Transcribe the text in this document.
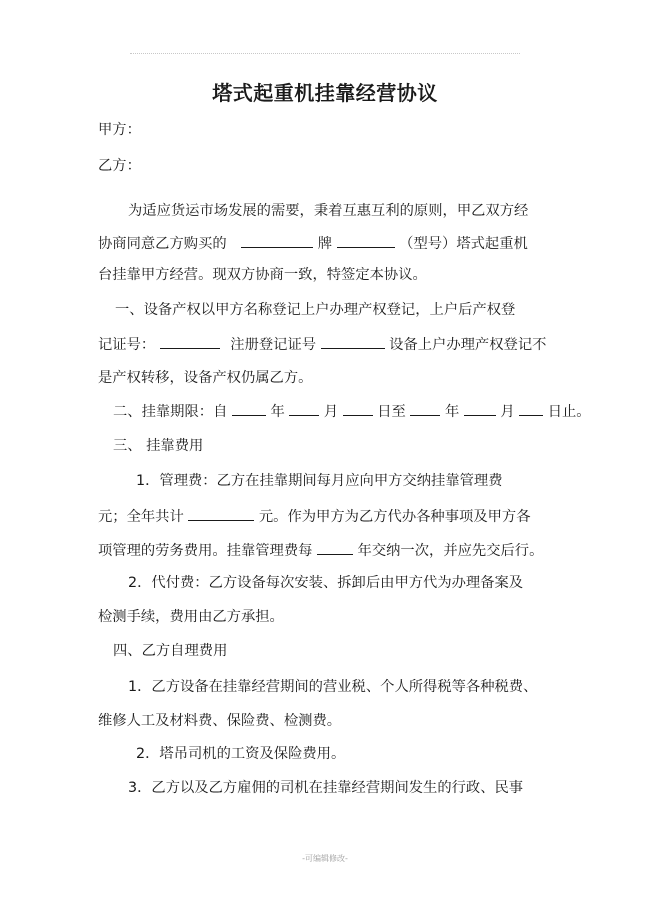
塔式起重机挂靠经营协议
甲方：
乙方：
为适应货运市场发展的需要，秉着互惠互利的原则，甲乙双方经
协商同意乙方购买的	牌	（型号）塔式起重机
台挂靠甲方经营。现双方协商一致，特签定本协议。
一、设备产权以甲方名称登记上户办理产权登记，上户后产权登
记证号：	注册登记证号	设备上户办理产权登记不
是产权转移，设备产权仍属乙方。
二、挂靠期限：自	年	月	日至	年	月 日止。
三、 挂靠费用
1．管理费：乙方在挂靠期间每月应向甲方交纳挂靠管理费
元；全年共计	元。作为甲方为乙方代办各种事项及甲方各
项管理的劳务费用。挂靠管理费每	年交纳一次，并应先交后行。
2．代付费：乙方设备每次安装、拆卸后由甲方代为办理备案及
检测手续，费用由乙方承担。
四、乙方自理费用
1．乙方设备在挂靠经营期间的营业税、个人所得税等各种税费、
维修人工及材料费、保险费、检测费。
2．塔吊司机的工资及保险费用。
3．乙方以及乙方雇佣的司机在挂靠经营期间发生的行政、民事
-可编辑修改-
